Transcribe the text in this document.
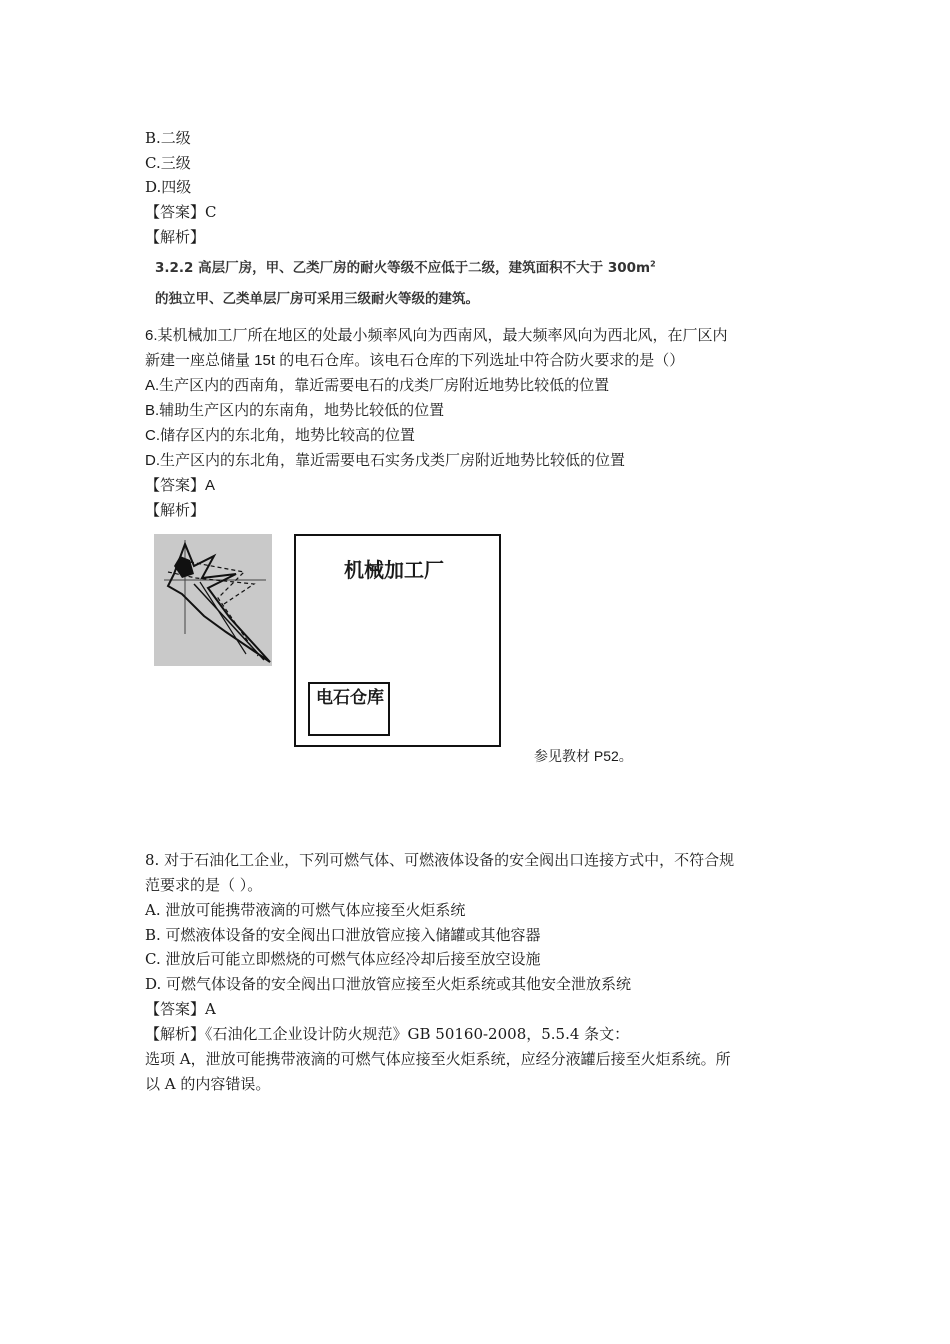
B.二级
C.三级
D.四级
【答案】C
【解析】
3.2.2 高层厂房，甲、乙类厂房的耐火等级不应低于二级，建筑面积不大于 $300m^2$
的独立甲、乙类单层厂房可采用三级耐火等级的建筑。
6.某机械加工厂所在地区的处最小频率风向为西南风，最大频率风向为西北风，在厂区内
新建一座总储量 15t 的电石仓库。该电石仓库的下列选址中符合防火要求的是（）
A.生产区内的西南角，靠近需要电石的戊类厂房附近地势比较低的位置
B.辅助生产区内的东南角，地势比较低的位置
C.储存区内的东北角，地势比较高的位置
D.生产区内的东北角，靠近需要电石实务戊类厂房附近地势比较低的位置
【答案】A
【解析】
机械加工厂
电石仓库
参见教材 P52。
8. 对于石油化工企业，下列可燃气体、可燃液体设备的安全阀出口连接方式中，不符合规
范要求的是（ ）。
A. 泄放可能携带液滴的可燃气体应接至火炬系统
B. 可燃液体设备的安全阀出口泄放管应接入储罐或其他容器
C. 泄放后可能立即燃烧的可燃气体应经冷却后接至放空设施
D. 可燃气体设备的安全阀出口泄放管应接至火炬系统或其他安全泄放系统
【答案】A
【解析】《石油化工企业设计防火规范》GB 50160-2008，5.5.4 条文：
选项 A，泄放可能携带液滴的可燃气体应接至火炬系统，应经分液罐后接至火炬系统。所
以 A 的内容错误。
